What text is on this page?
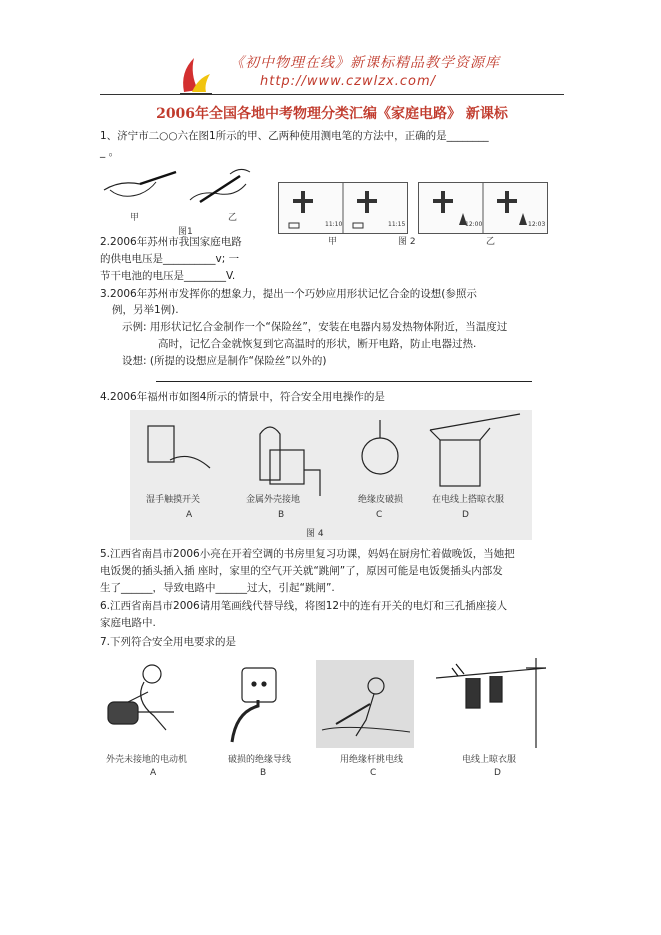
《初中物理在线》新课标精品教学资源库
http://www.czwlzx.com/
2006年全国各地中考物理分类汇编《家庭电路》 新课标
1、济宁市二○○六在图1所示的甲、乙两种使用测电笔的方法中，正确的是________
_ 。
甲	乙
图1
11:10	11:15	12:00	12:03
甲	图 2	乙
2.2006年苏州市我国家庭电路
的供电电压是__________v; 一
节干电池的电压是________V.
3.2006年苏州市发挥你的想象力，提出一个巧妙应用形状记忆合金的设想(参照示
例，另举1例).
示例: 用形状记忆合金制作一个“保险丝”，安装在电器内易发热物体附近，当温度过
高时，记忆合金就恢复到它高温时的形状，断开电路，防止电器过热.
设想: (所提的设想应是制作“保险丝”以外的)
4.2006年福州市如图4所示的情景中，符合安全用电操作的是
湿手触摸开关	金属外壳接地	绝缘皮破损	在电线上搭晾衣服
A	B	C	D
图 4
5.江西省南昌市2006小亮在开着空调的书房里复习功课，妈妈在厨房忙着做晚饭，当她把
电饭煲的插头插入插 座时，家里的空气开关就“跳闸”了，原因可能是电饭煲插头内部发
生了______，导致电路中______过大，引起“跳闸”.
6.江西省南昌市2006请用笔画线代替导线，将图12中的连有开关的电灯和三孔插座接人
家庭电路中.
7.下列符合安全用电要求的是
外壳未接地的电动机	破损的绝缘导线	用绝缘杆挑电线	电线上晾衣服
A	B	C	D
